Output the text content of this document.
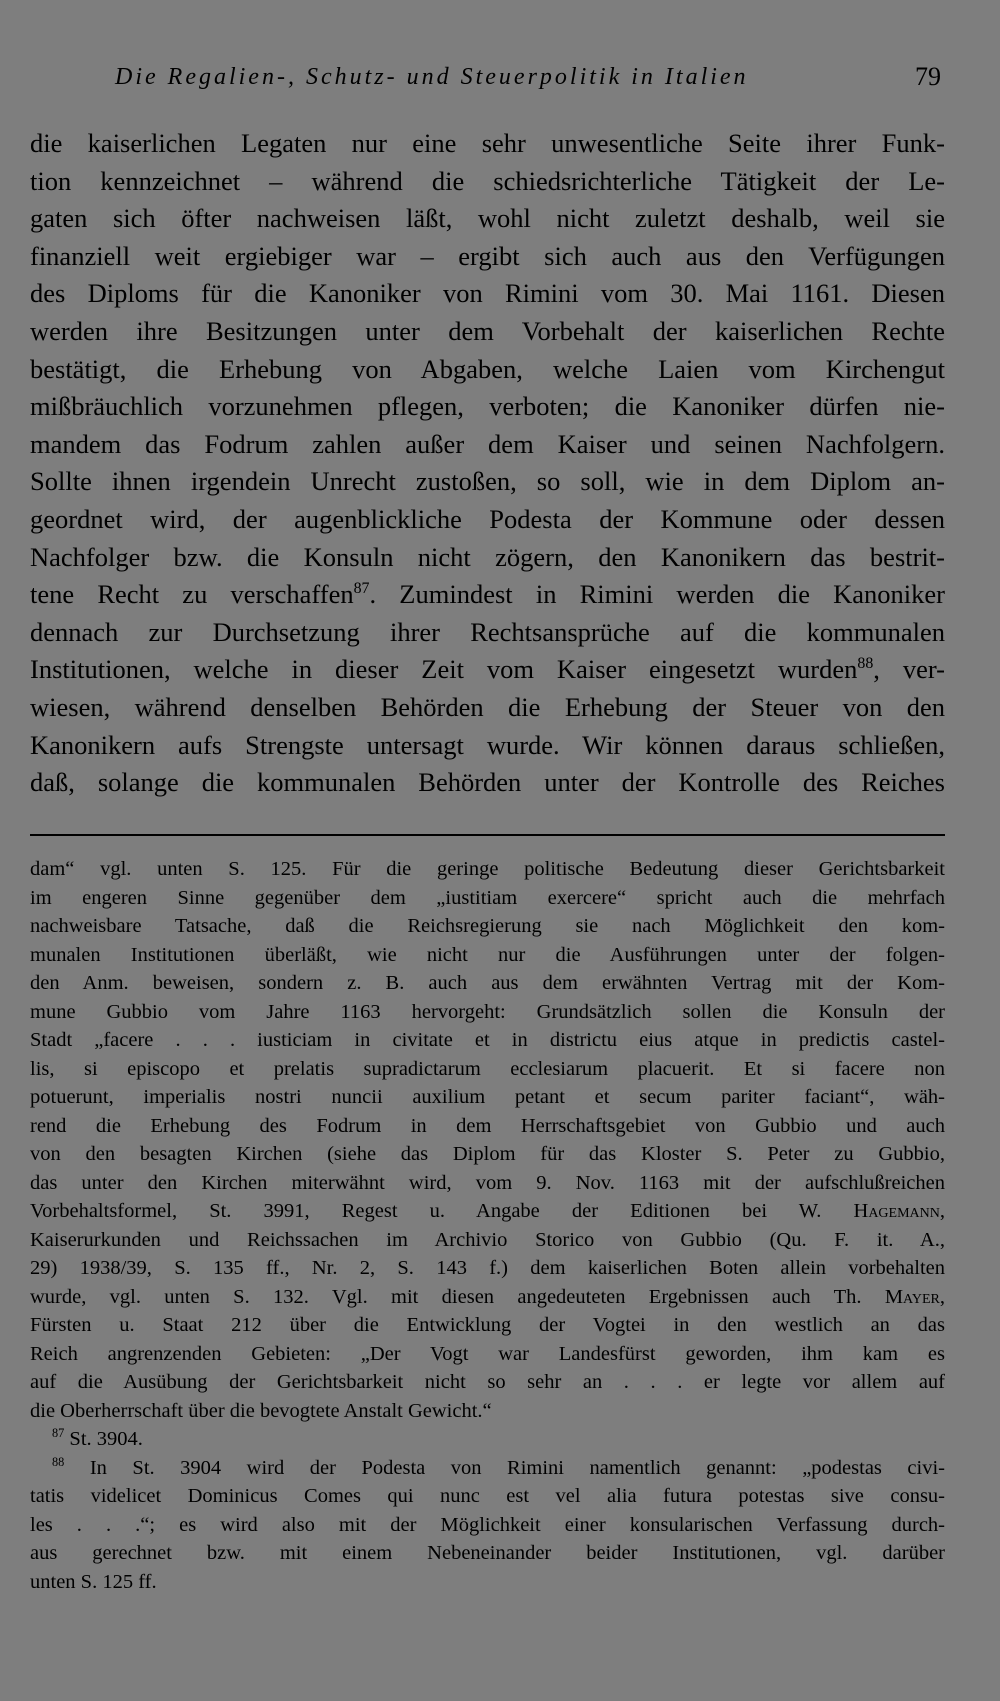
Die Regalien-, Schutz- und Steuerpolitik in Italien	79
die kaiserlichen Legaten nur eine sehr unwesentliche Seite ihrer Funk-
tion kennzeichnet – während die schiedsrichterliche Tätigkeit der Le-
gaten sich öfter nachweisen läßt, wohl nicht zuletzt deshalb, weil sie
finanziell weit ergiebiger war – ergibt sich auch aus den Verfügungen
des Diploms für die Kanoniker von Rimini vom 30. Mai 1161. Diesen
werden ihre Besitzungen unter dem Vorbehalt der kaiserlichen Rechte
bestätigt, die Erhebung von Abgaben, welche Laien vom Kirchengut
mißbräuchlich vorzunehmen pflegen, verboten; die Kanoniker dürfen nie-
mandem das Fodrum zahlen außer dem Kaiser und seinen Nachfolgern.
Sollte ihnen irgendein Unrecht zustoßen, so soll, wie in dem Diplom an-
geordnet wird, der augenblickliche Podesta der Kommune oder dessen
Nachfolger bzw. die Konsuln nicht zögern, den Kanonikern das bestrit-
tene Recht zu verschaffen$^{87}$. Zumindest in Rimini werden die Kanoniker
dennach zur Durchsetzung ihrer Rechtsansprüche auf die kommunalen
Institutionen, welche in dieser Zeit vom Kaiser eingesetzt wurden$^{88}$, ver-
wiesen, während denselben Behörden die Erhebung der Steuer von den
Kanonikern aufs Strengste untersagt wurde. Wir können daraus schließen,
daß, solange die kommunalen Behörden unter der Kontrolle des Reiches
dam“ vgl. unten S. 125. Für die geringe politische Bedeutung dieser Gerichtsbarkeit
im engeren Sinne gegenüber dem „iustitiam exercere“ spricht auch die mehrfach
nachweisbare Tatsache, daß die Reichsregierung sie nach Möglichkeit den kom-
munalen Institutionen überläßt, wie nicht nur die Ausführungen unter der folgen-
den Anm. beweisen, sondern z. B. auch aus dem erwähnten Vertrag mit der Kom-
mune Gubbio vom Jahre 1163 hervorgeht: Grundsätzlich sollen die Konsuln der
Stadt „facere . . . iusticiam in civitate et in districtu eius atque in predictis castel-
lis, si episcopo et prelatis supradictarum ecclesiarum placuerit. Et si facere non
potuerunt, imperialis nostri nuncii auxilium petant et secum pariter faciant“, wäh-
rend die Erhebung des Fodrum in dem Herrschaftsgebiet von Gubbio und auch
von den besagten Kirchen (siehe das Diplom für das Kloster S. Peter zu Gubbio,
das unter den Kirchen miterwähnt wird, vom 9. Nov. 1163 mit der aufschlußreichen
Vorbehaltsformel, St. 3991, Regest u. Angabe der Editionen bei W. Hagemann,
Kaiserurkunden und Reichssachen im Archivio Storico von Gubbio (Qu. F. it. A.,
29) 1938/39, S. 135 ff., Nr. 2, S. 143 f.) dem kaiserlichen Boten allein vorbehalten
wurde, vgl. unten S. 132. Vgl. mit diesen angedeuteten Ergebnissen auch Th. Mayer,
Fürsten u. Staat 212 über die Entwicklung der Vogtei in den westlich an das
Reich angrenzenden Gebieten: „Der Vogt war Landesfürst geworden, ihm kam es
auf die Ausübung der Gerichtsbarkeit nicht so sehr an . . . er legte vor allem auf
die Oberherrschaft über die bevogtete Anstalt Gewicht.“
$^{87}$ St. 3904.
$^{88}$ In St. 3904 wird der Podesta von Rimini namentlich genannt: „podestas civi-
tatis videlicet Dominicus Comes qui nunc est vel alia futura potestas sive consu-
les . . .“; es wird also mit der Möglichkeit einer konsularischen Verfassung durch-
aus gerechnet bzw. mit einem Nebeneinander beider Institutionen, vgl. darüber
unten S. 125 ff.
